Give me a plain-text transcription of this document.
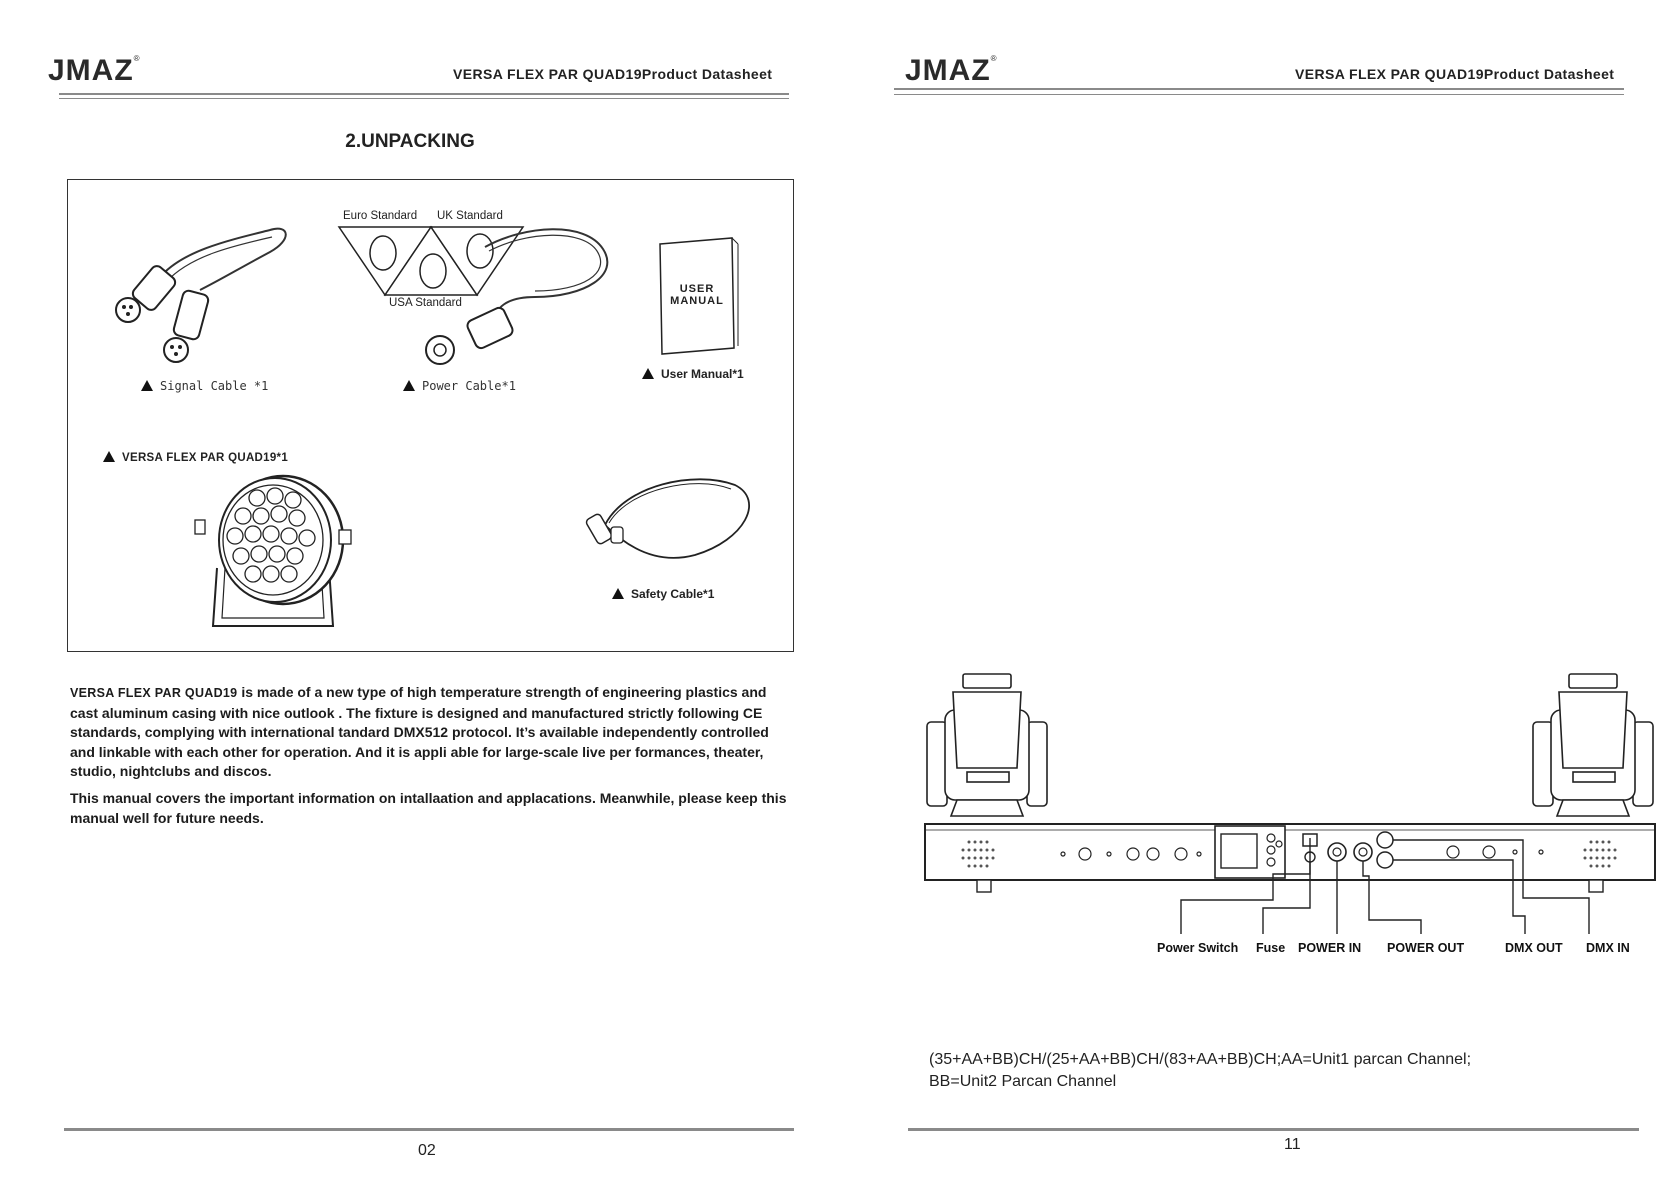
JMAZ®
VERSA FLEX PAR QUAD19Product Datasheet
2.UNPACKING
Signal Cable *1
Euro Standard UK Standard
USA Standard
Power Cable*1
USER
MANUAL
User Manual*1
VERSA FLEX PAR QUAD19*1
Safety Cable*1
VERSA FLEX PAR QUAD19 is made of a new type of high temperature strength of engineering plastics and cast aluminum casing with nice outlook . The fixture is designed and manufactured strictly following CE standards, complying with international tandard DMX512 protocol. It’s available independently controlled and linkable with each other for operation. And it is appli able for large-scale live per formances, theater, studio, nightclubs and discos.
This manual covers the important information on intallaation and applacations. Meanwhile, please keep this manual well for future needs.
02
JMAZ®
VERSA FLEX PAR QUAD19Product Datasheet
Power Switch Fuse POWER IN POWER OUT	DMX OUT DMX IN
11
(35+AA+BB)CH/(25+AA+BB)CH/(83+AA+BB)CH;AA=Unit1 parcan Channel;
BB=Unit2 Parcan Channel
